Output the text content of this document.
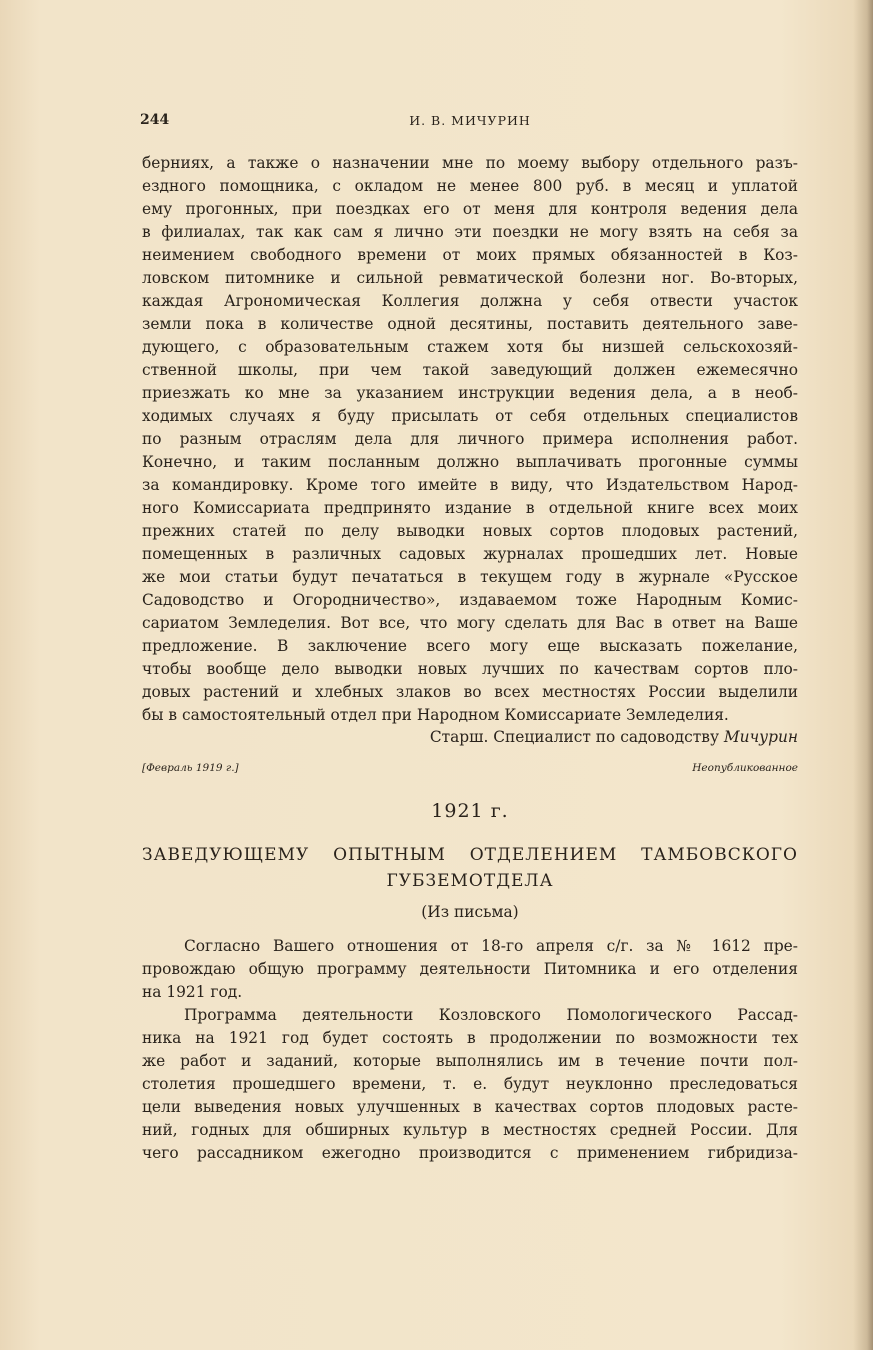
244	И. В. МИЧУРИН
берниях, а также о назначении мне по моему выбору отдельного разъ-
ездного помощника, с окладом не менее 800 руб. в месяц и уплатой
ему прогонных, при поездках его от меня для контроля ведения дела
в филиалах, так как сам я лично эти поездки не могу взять на себя за
неимением свободного времени от моих прямых обязанностей в Коз-
ловском питомнике и сильной ревматической болезни ног. Во-вторых,
каждая Агрономическая Коллегия должна у себя отвести участок
земли пока в количестве одной десятины, поставить деятельного заве-
дующего, с образовательным стажем хотя бы низшей сельскохозяй-
ственной школы, при чем такой заведующий должен ежемесячно
приезжать ко мне за указанием инструкции ведения дела, а в необ-
ходимых случаях я буду присылать от себя отдельных специалистов
по разным отраслям дела для личного примера исполнения работ.
Конечно, и таким посланным должно выплачивать прогонные суммы
за командировку. Кроме того имейте в виду, что Издательством Народ-
ного Комиссариата предпринято издание в отдельной книге всех моих
прежних статей по делу выводки новых сортов плодовых растений,
помещенных в различных садовых журналах прошедших лет. Новые
же мои статьи будут печататься в текущем году в журнале «Русское
Садоводство и Огородничество», издаваемом тоже Народным Комис-
сариатом Земледелия. Вот все, что могу сделать для Вас в ответ на Ваше
предложение. В заключение всего могу еще высказать пожелание,
чтобы вообще дело выводки новых лучших по качествам сортов пло-
довых растений и хлебных злаков во всех местностях России выделили
бы в самостоятельный отдел при Народном Комиссариате Земледелия.
Старш. Специалист по садоводству Мичурин
[Февраль 1919 г.]	Неопубликованное
1921 г.
ЗАВЕДУЮЩЕМУ ОПЫТНЫМ ОТДЕЛЕНИЕМ ТАМБОВСКОГО
ГУБЗЕМОТДЕЛА
(Из письма)
Согласно Вашего отношения от 18-го апреля с/г. за № 1612 пре-
провождаю общую программу деятельности Питомника и его отделения
на 1921 год.
Программа деятельности Козловского Помологического Рассад-
ника на 1921 год будет состоять в продолжении по возможности тех
же работ и заданий, которые выполнялись им в течение почти пол-
столетия прошедшего времени, т. е. будут неуклонно преследоваться
цели выведения новых улучшенных в качествах сортов плодовых расте-
ний, годных для обширных культур в местностях средней России. Для
чего рассадником ежегодно производится с применением гибридиза-
